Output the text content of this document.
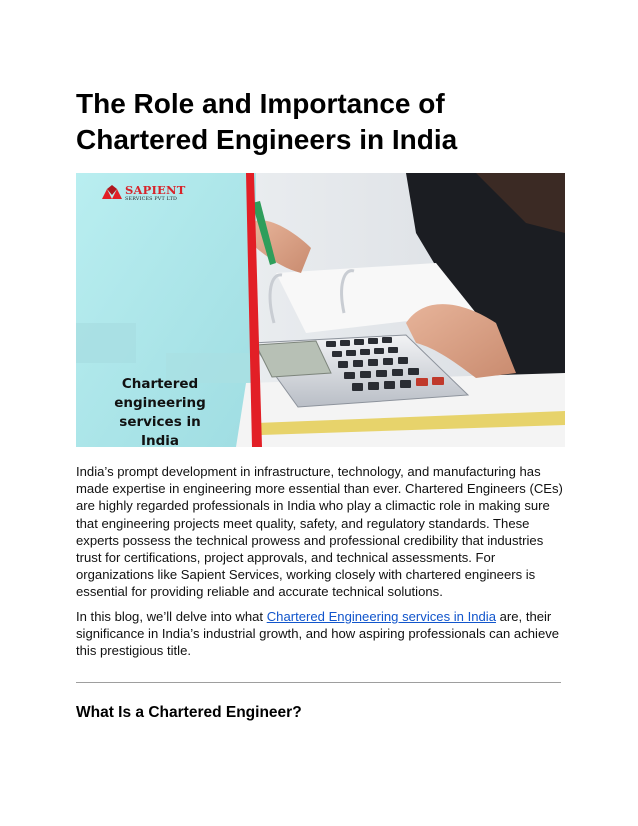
The Role and Importance of
Chartered Engineers in India
SAPIENT
SERVICES PVT LTD
Chartered engineering
services in
India

India’s prompt development in infrastructure, technology, and manufacturing has made expertise in engineering more essential than ever. Chartered Engineers (CEs) are highly regarded professionals in India who play a climactic role in making sure that engineering projects meet quality, safety, and regulatory standards. These experts possess the technical prowess and professional credibility that industries trust for certifications, project approvals, and technical assessments. For organizations like Sapient Services, working closely with chartered engineers is essential for providing reliable and accurate technical solutions.

In this blog, we’ll delve into what Chartered Engineering services in India are, their significance in India’s industrial growth, and how aspiring professionals can achieve this prestigious title.

What Is a Chartered Engineer?
